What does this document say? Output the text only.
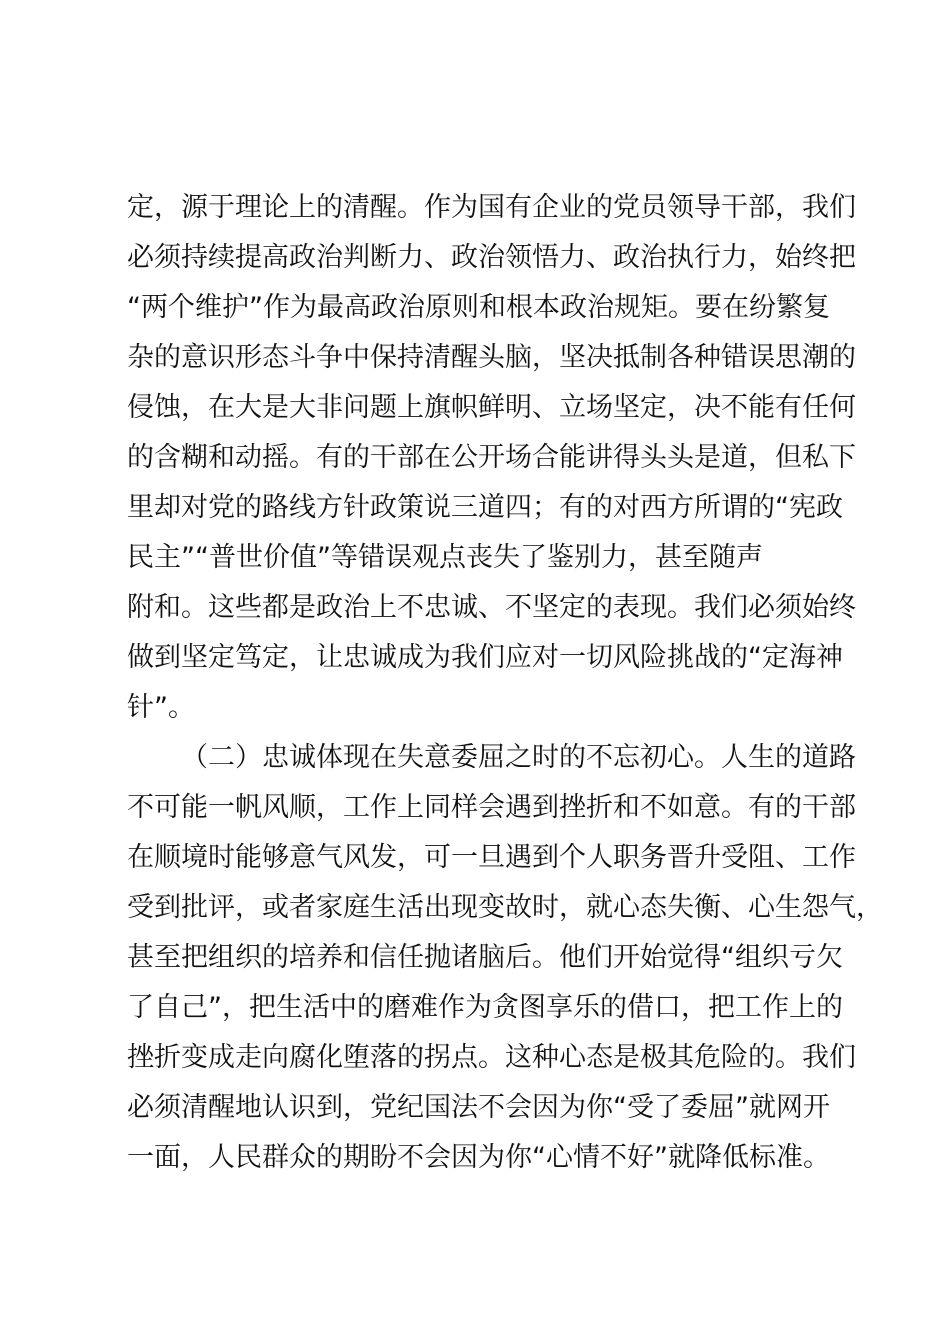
定，源于理论上的清醒。作为国有企业的党员领导干部，我们
必须持续提高政治判断力、政治领悟力、政治执行力，始终把
“两个维护”作为最高政治原则和根本政治规矩。要在纷繁复
杂的意识形态斗争中保持清醒头脑，坚决抵制各种错误思潮的
侵蚀，在大是大非问题上旗帜鲜明、立场坚定，决不能有任何
的含糊和动摇。有的干部在公开场合能讲得头头是道，但私下
里却对党的路线方针政策说三道四；有的对西方所谓的“宪政
民主”“普世价值”等错误观点丧失了鉴别力，甚至随声
附和。这些都是政治上不忠诚、不坚定的表现。我们必须始终
做到坚定笃定，让忠诚成为我们应对一切风险挑战的“定海神
针”。
（二）忠诚体现在失意委屈之时的不忘初心。人生的道路
不可能一帆风顺，工作上同样会遇到挫折和不如意。有的干部
在顺境时能够意气风发，可一旦遇到个人职务晋升受阻、工作
受到批评，或者家庭生活出现变故时，就心态失衡、心生怨气，
甚至把组织的培养和信任抛诸脑后。他们开始觉得“组织亏欠
了自己”，把生活中的磨难作为贪图享乐的借口，把工作上的
挫折变成走向腐化堕落的拐点。这种心态是极其危险的。我们
必须清醒地认识到，党纪国法不会因为你“受了委屈”就网开
一面，人民群众的期盼不会因为你“心情不好”就降低标准。
